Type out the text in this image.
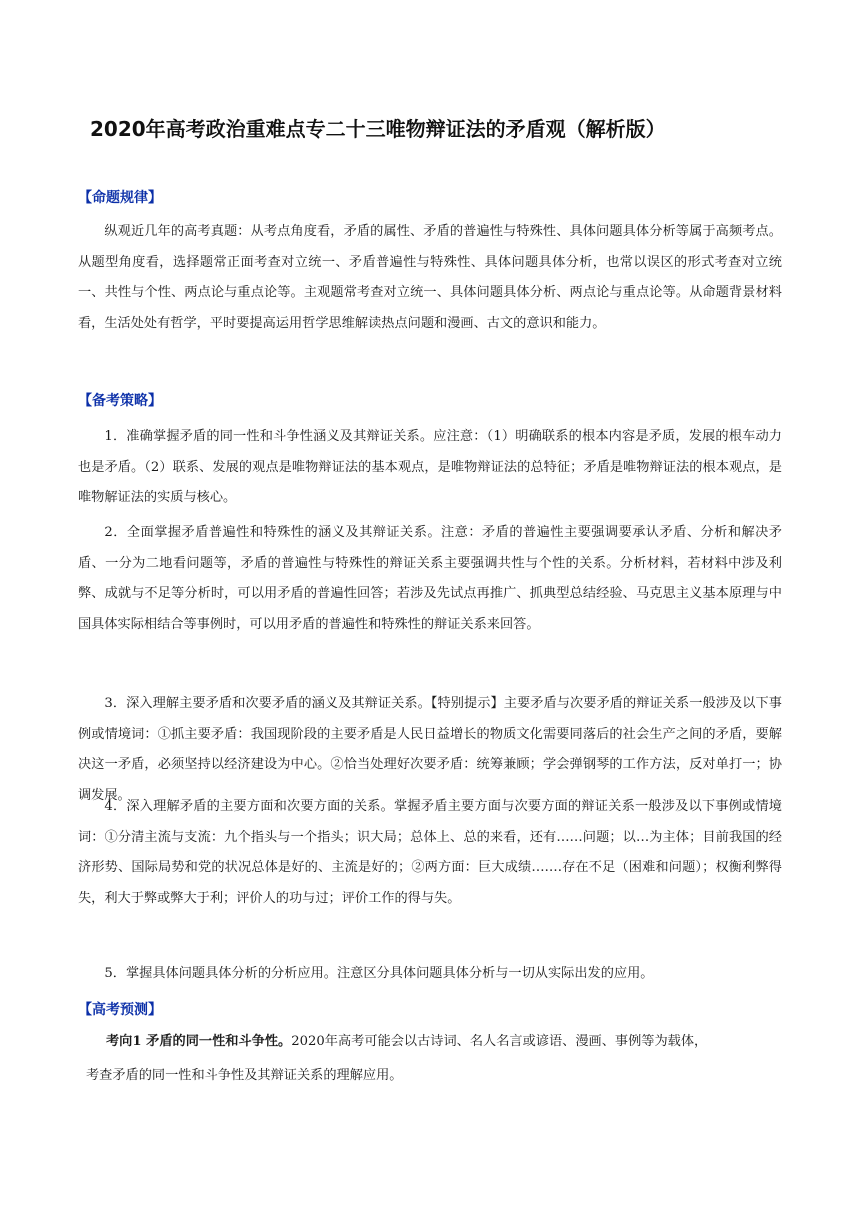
2020年高考政治重难点专二十三唯物辩证法的矛盾观（解析版）
【命题规律】

纵观近几年的高考真题：从考点角度看，矛盾的属性、矛盾的普遍性与特殊性、具体问题具体分析等属于高频考点。从题型角度看，选择题常正面考查对立统一、矛盾普遍性与特殊性、具体问题具体分析，也常以误区的形式考查对立统一、共性与个性、两点论与重点论等。主观题常考查对立统一、具体问题具体分析、两点论与重点论等。从命题背景材料看，生活处处有哲学，平时要提高运用哲学思维解读热点问题和漫画、古文的意识和能力。

【备考策略】

1．准确掌握矛盾的同一性和斗争性涵义及其辩证关系。应注意：（1）明确联系的根本内容是矛质，发展的根车动力也是矛盾。（2）联系、发展的观点是唯物辩证法的基本观点，是唯物辩证法的总特征；矛盾是唯物辩证法的根本观点，是唯物解证法的实质与核心。

2．全面掌握矛盾普遍性和特殊性的涵义及其辩证关系。注意：矛盾的普遍性主要强调要承认矛盾、分析和解决矛盾、一分为二地看问题等，矛盾的普遍性与特殊性的辩证关系主要强调共性与个性的关系。分析材料，若材料中涉及利弊、成就与不足等分析时，可以用矛盾的普遍性回答；若涉及先试点再推广、抓典型总结经验、马克思主义基本原理与中国具体实际相结合等事例时，可以用矛盾的普遍性和特殊性的辩证关系来回答。

3．深入理解主要矛盾和次要矛盾的涵义及其辩证关系。【特别提示】主要矛盾与次要矛盾的辩证关系一般涉及以下事例或情境词：①抓主要矛盾：我国现阶段的主要矛盾是人民日益增长的物质文化需要同落后的社会生产之间的矛盾，要解决这一矛盾，必须坚持以经济建设为中心。②恰当处理好次要矛盾：统筹兼顾；学会弹钢琴的工作方法，反对单打一；协调发展。

4．深入理解矛盾的主要方面和次要方面的关系。掌握矛盾主要方面与次要方面的辩证关系一般涉及以下事例或情境词：①分清主流与支流：九个指头与一个指头；识大局；总体上、总的来看，还有……问题；以…为主体；目前我国的经济形势、国际局势和党的状况总体是好的、主流是好的；②两方面：巨大成绩…….存在不足（困难和问题）；权衡利弊得失，利大于弊或弊大于利；评价人的功与过；评价工作的得与失。

5．掌握具体问题具体分析的分析应用。注意区分具体问题具体分析与一切从实际出发的应用。

【高考预测】
考向1 矛盾的同一性和斗争性。2020年高考可能会以古诗词、名人名言或谚语、漫画、事例等为载体，
考查矛盾的同一性和斗争性及其辩证关系的理解应用。
